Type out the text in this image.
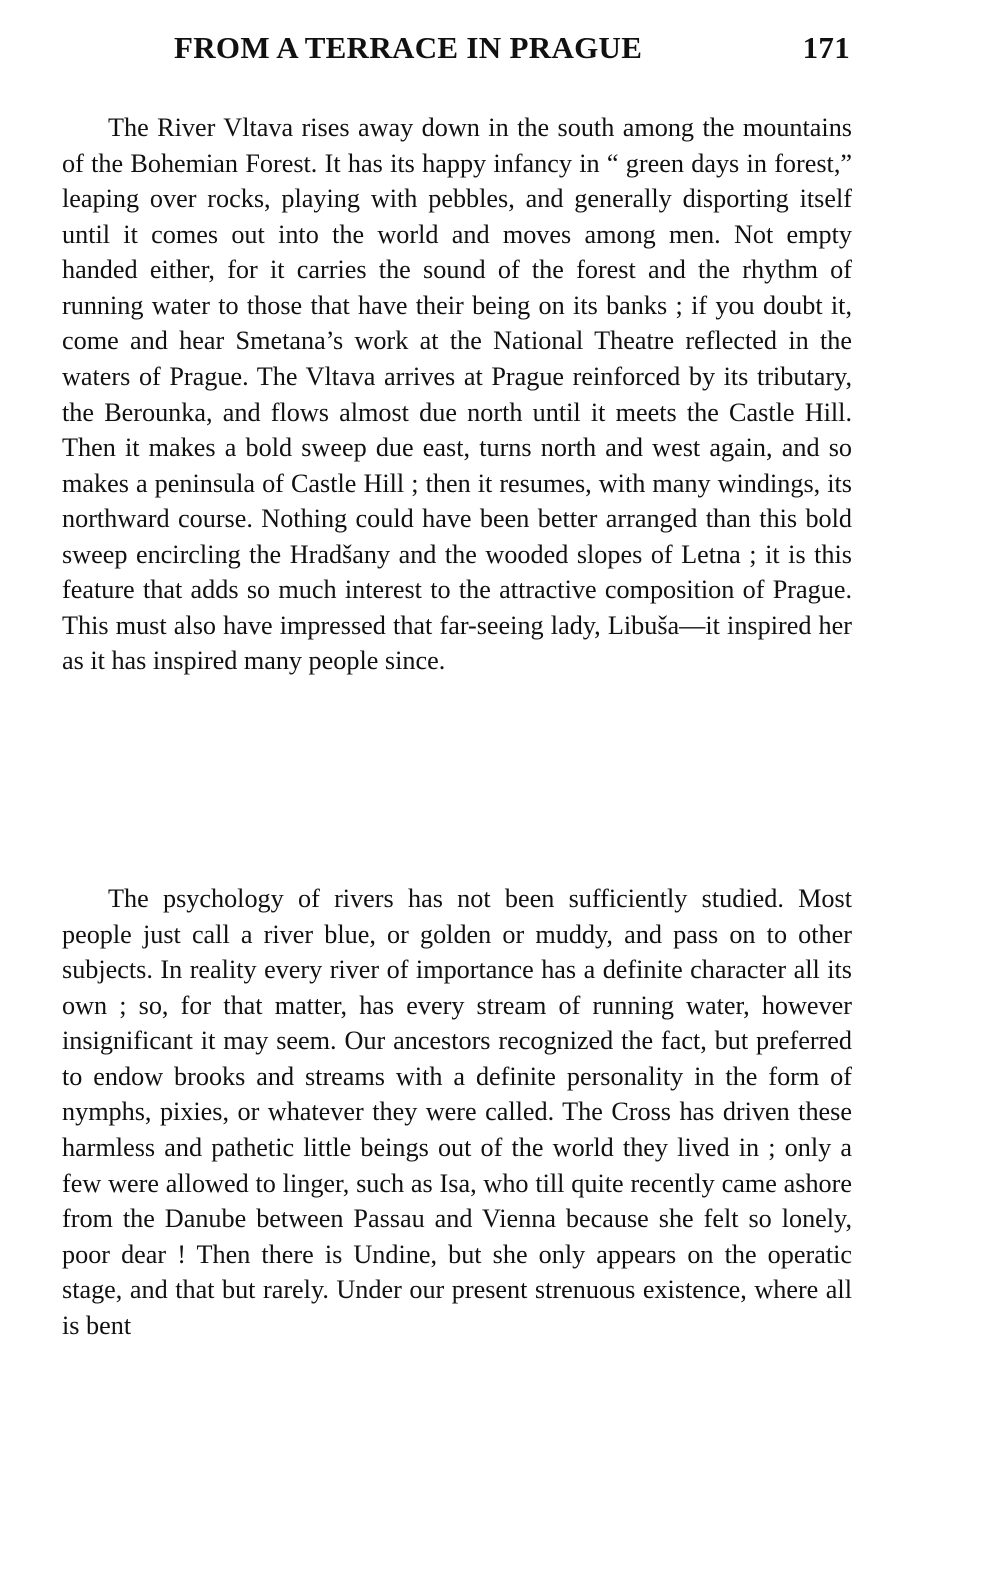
FROM A TERRACE IN PRAGUE	171

The River Vltava rises away down in the south among the mountains of the Bohemian Forest. It has its happy infancy in “ green days in forest,” leaping over rocks, playing with pebbles, and generally disporting itself until it comes out into the world and moves among men. Not empty handed either, for it carries the sound of the forest and the rhythm of running water to those that have their being on its banks ; if you doubt it, come and hear Smetana’s work at the National Theatre reflected in the waters of Prague. The Vltava arrives at Prague reinforced by its tributary, the Berounka, and flows almost due north until it meets the Castle Hill. Then it makes a bold sweep due east, turns north and west again, and so makes a peninsula of Castle Hill ; then it resumes, with many windings, its northward course. Nothing could have been better arranged than this bold sweep encircling the Hradšany and the wooded slopes of Letna ; it is this feature that adds so much interest to the attractive composition of Prague. This must also have impressed that far-seeing lady, Libuša—it inspired her as it has inspired many people since.

The psychology of rivers has not been sufficiently studied. Most people just call a river blue, or golden or muddy, and pass on to other subjects. In reality every river of importance has a definite character all its own ; so, for that matter, has every stream of running water, however insignificant it may seem. Our ancestors recognized the fact, but preferred to endow brooks and streams with a definite personality in the form of nymphs, pixies, or whatever they were called. The Cross has driven these harmless and pathetic little beings out of the world they lived in ; only a few were allowed to linger, such as Isa, who till quite recently came ashore from the Danube between Passau and Vienna because she felt so lonely, poor dear ! Then there is Undine, but she only appears on the operatic stage, and that but rarely. Under our present strenuous existence, where all is bent
